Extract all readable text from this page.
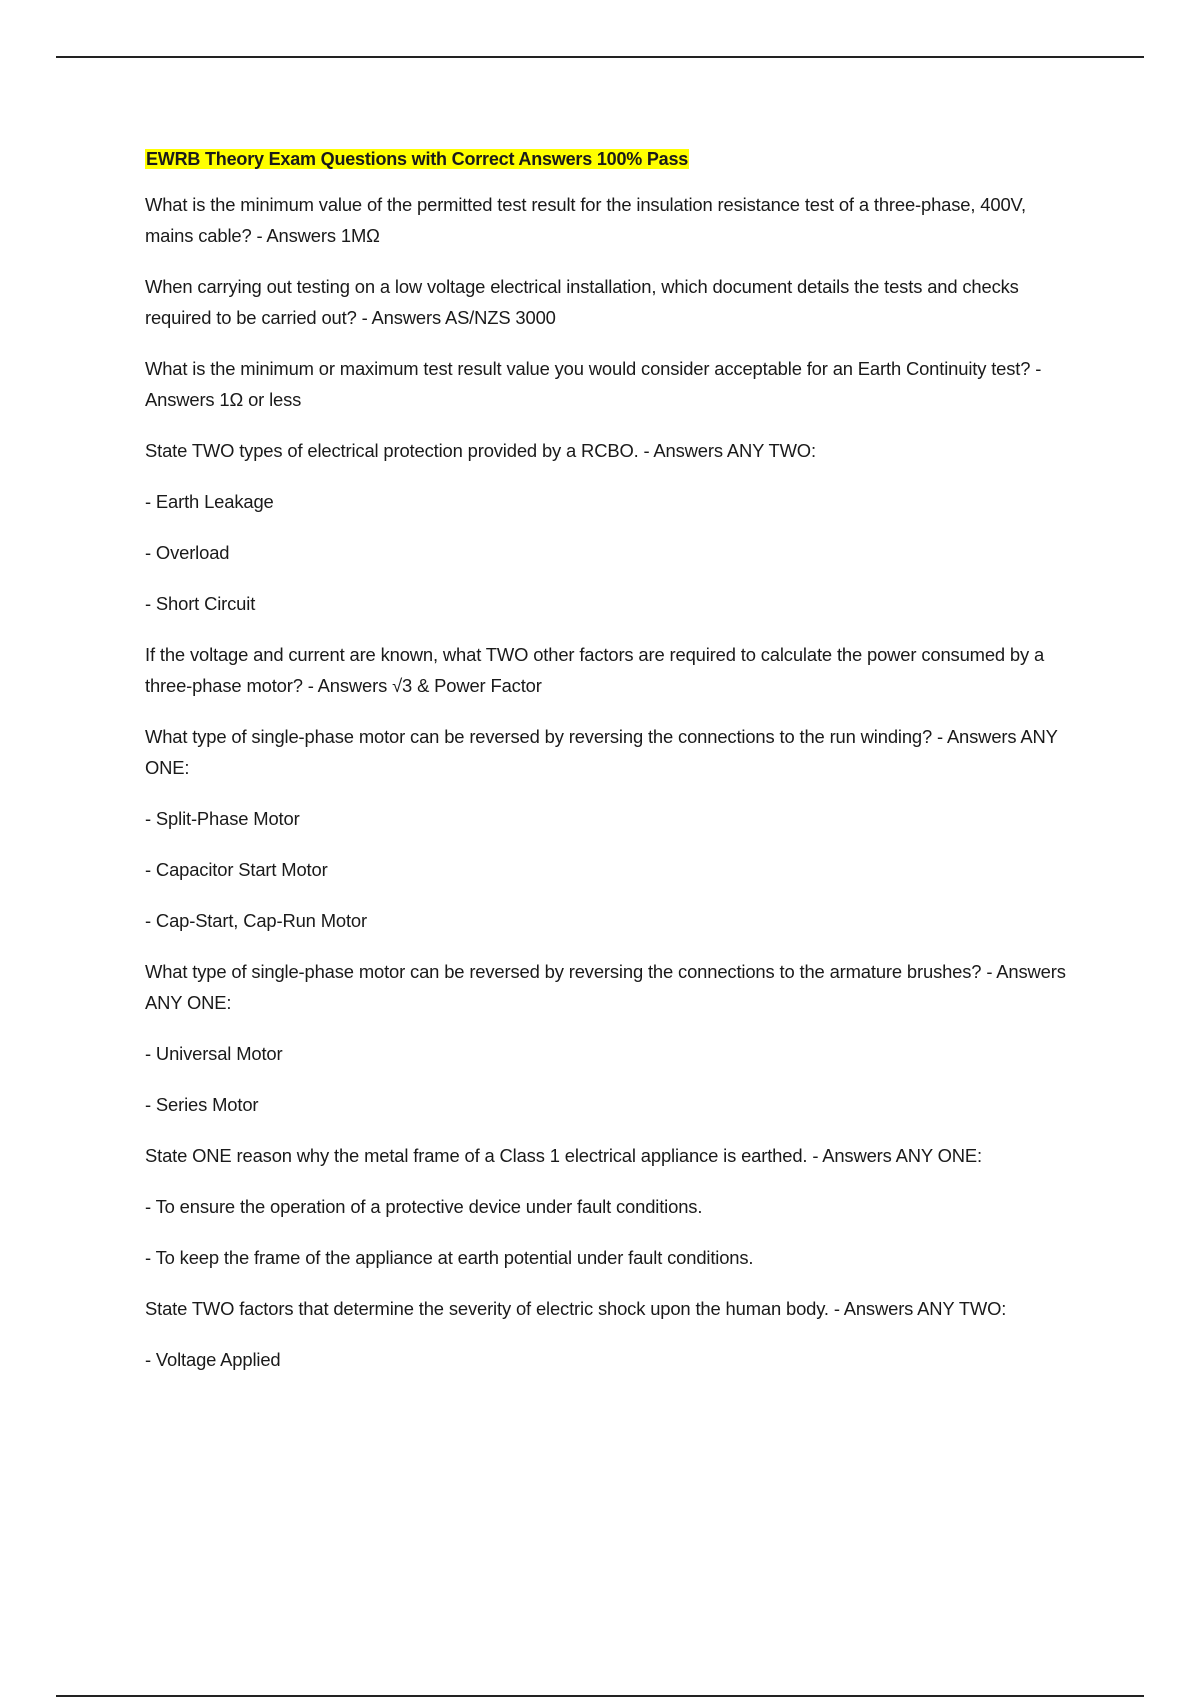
EWRB Theory Exam Questions with Correct Answers 100% Pass

What is the minimum value of the permitted test result for the insulation resistance test of a three-phase, 400V, mains cable? - Answers 1MΩ

When carrying out testing on a low voltage electrical installation, which document details the tests and checks required to be carried out? - Answers AS/NZS 3000

What is the minimum or maximum test result value you would consider acceptable for an Earth Continuity test? - Answers 1Ω or less

State TWO types of electrical protection provided by a RCBO. - Answers ANY TWO:

- Earth Leakage

- Overload

- Short Circuit

If the voltage and current are known, what TWO other factors are required to calculate the power consumed by a three-phase motor? - Answers √3 & Power Factor

What type of single-phase motor can be reversed by reversing the connections to the run winding? - Answers ANY ONE:

- Split-Phase Motor

- Capacitor Start Motor

- Cap-Start, Cap-Run Motor

What type of single-phase motor can be reversed by reversing the connections to the armature brushes? - Answers ANY ONE:

- Universal Motor

- Series Motor

State ONE reason why the metal frame of a Class 1 electrical appliance is earthed. - Answers ANY ONE:

- To ensure the operation of a protective device under fault conditions.

- To keep the frame of the appliance at earth potential under fault conditions.

State TWO factors that determine the severity of electric shock upon the human body. - Answers ANY TWO:

- Voltage Applied
